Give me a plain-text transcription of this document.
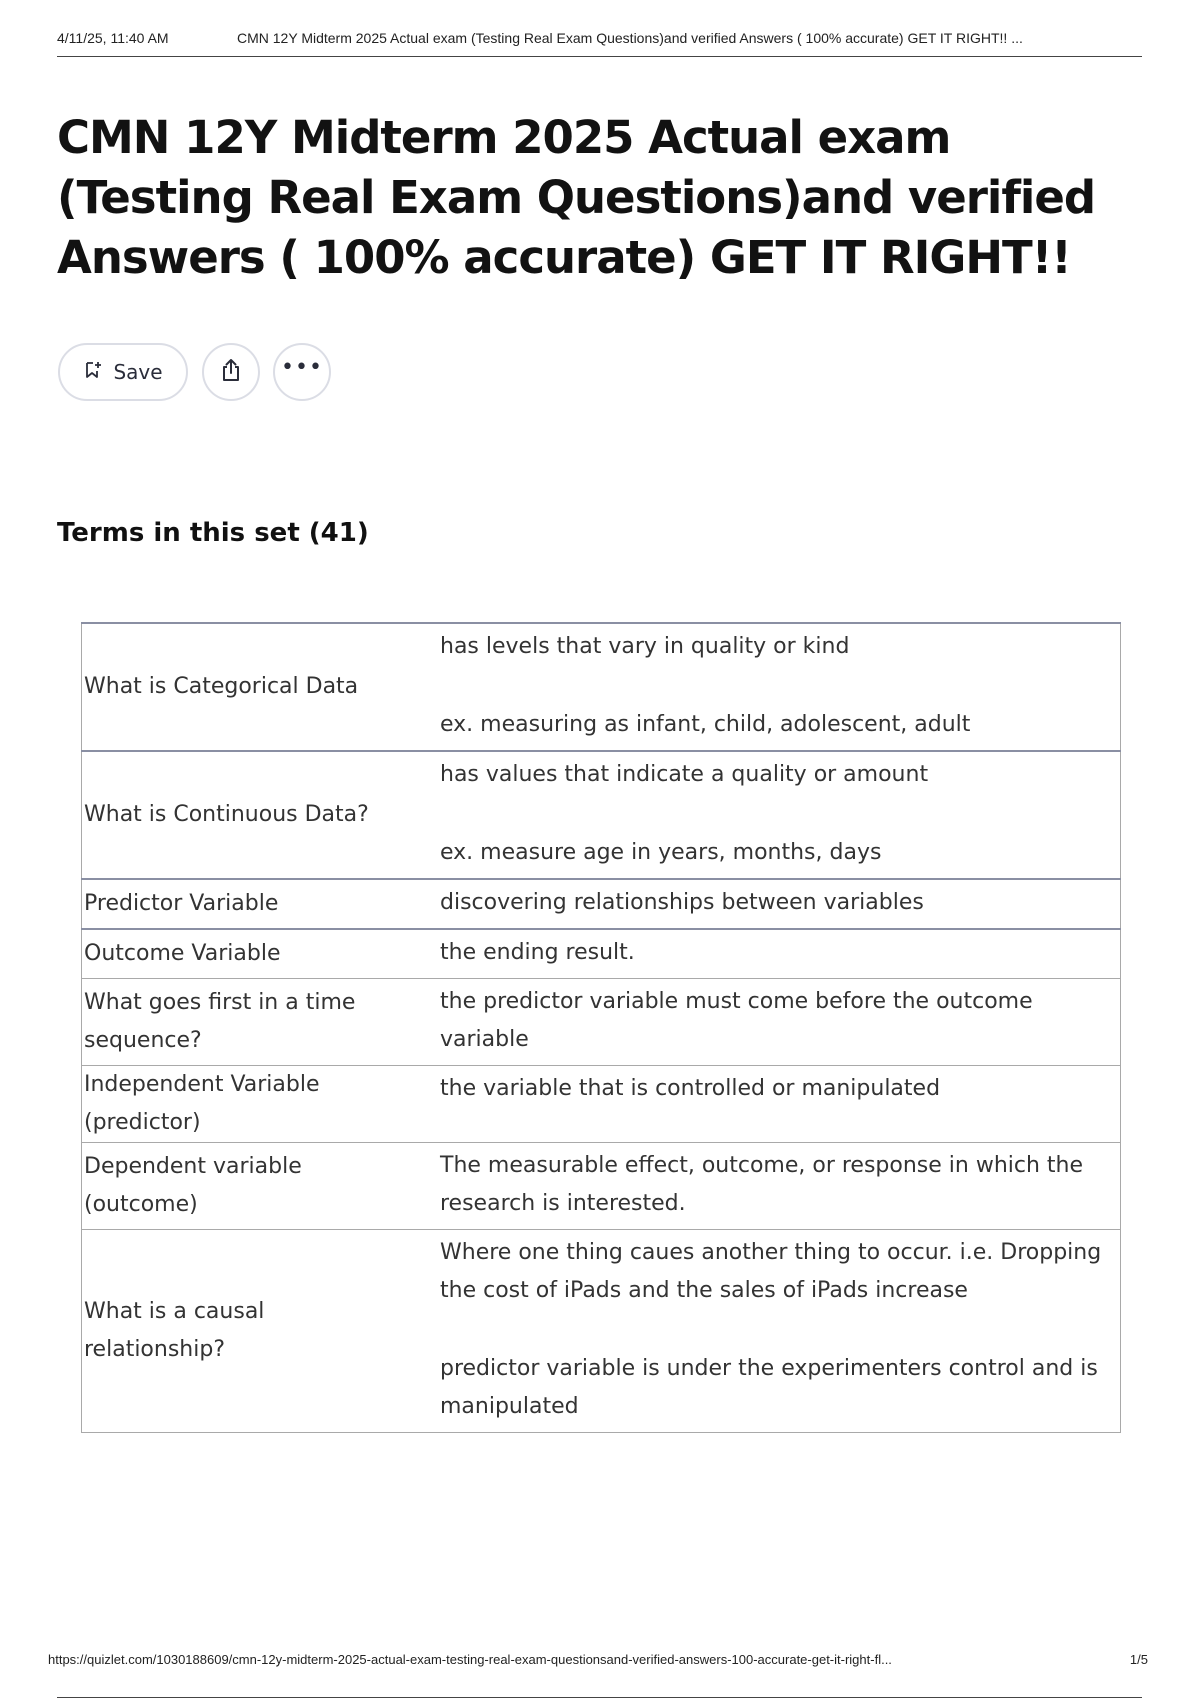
4/11/25, 11:40 AM	CMN 12Y Midterm 2025 Actual exam (Testing Real Exam Questions)and verified Answers ( 100% accurate) GET IT RIGHT!! ...
CMN 12Y Midterm 2025 Actual exam (Testing Real Exam Questions)and verified Answers ( 100% accurate) GET IT RIGHT!!
Save	•••
Terms in this set (41)
What is Categorical Data	has levels that vary in quality or kind
ex. measuring as infant, child, adolescent, adult

What is Continuous Data?	has values that indicate a quality or amount
ex. measure age in years, months, days

Predictor Variable	discovering relationships between variables

Outcome Variable	the ending result.

What goes first in a time sequence?	the predictor variable must come before the outcome variable

Independent Variable (predictor)	the variable that is controlled or manipulated

Dependent variable (outcome)	The measurable effect, outcome, or response in which the research is interested.

What is a causal relationship?	Where one thing caues another thing to occur. i.e. Dropping the cost of iPads and the sales of iPads increase
predictor variable is under the experimenters control and is manipulated
https://quizlet.com/1030188609/cmn-12y-midterm-2025-actual-exam-testing-real-exam-questionsand-verified-answers-100-accurate-get-it-right-fl...	1/5
